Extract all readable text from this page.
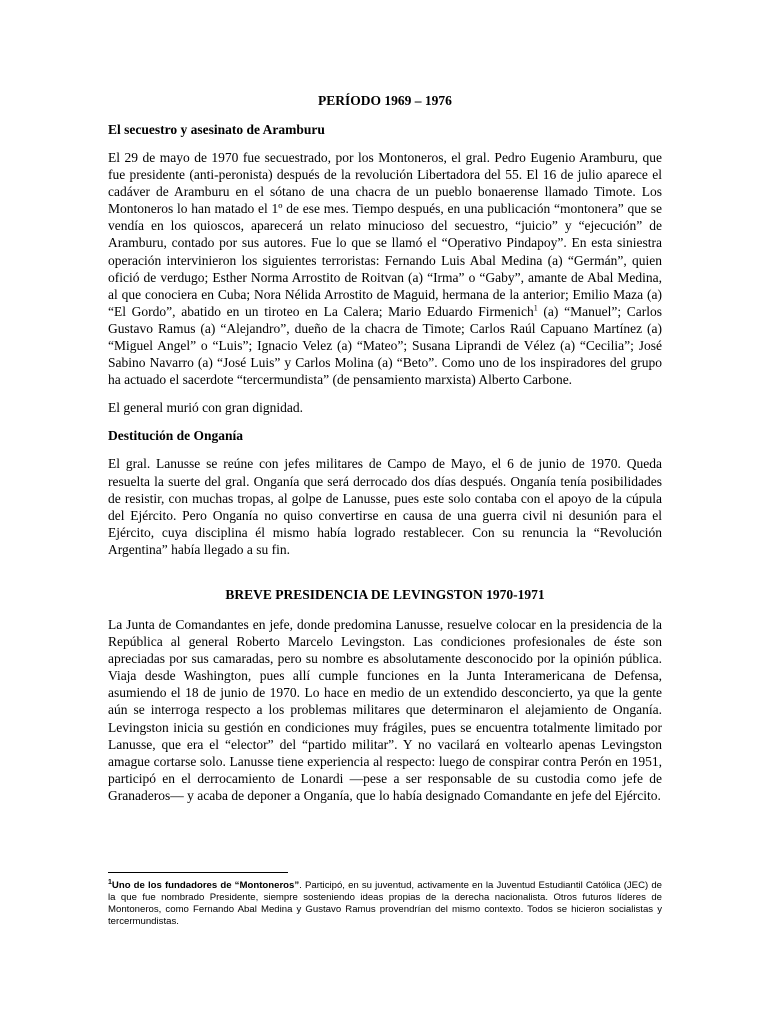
PERÍODO 1969 – 1976
El secuestro y asesinato de Aramburu
El 29 de mayo de 1970 fue secuestrado, por los Montoneros, el gral. Pedro Eugenio Aramburu, que fue presidente (anti-peronista) después de la revolución Libertadora del 55. El 16 de julio aparece el cadáver de Aramburu en el sótano de una chacra de un pueblo bonaerense llamado Timote. Los Montoneros lo han matado el 1º de ese mes. Tiempo después, en una publicación “montonera” que se vendía en los quioscos, aparecerá un relato minucioso del secuestro, “juicio” y “ejecución” de Aramburu, contado por sus autores. Fue lo que se llamó el “Operativo Pindapoy”. En esta siniestra operación intervinieron los siguientes terroristas: Fernando Luis Abal Medina (a) “Germán”, quien ofició de verdugo; Esther Norma Arrostito de Roitvan (a) “Irma” o “Gaby”, amante de Abal Medina, al que conociera en Cuba; Nora Nélida Arrostito de Maguid, hermana de la anterior; Emilio Maza (a) “El Gordo”, abatido en un tiroteo en La Calera; Mario Eduardo Firmenich$^1$ (a) “Manuel”; Carlos Gustavo Ramus (a) “Alejandro”, dueño de la chacra de Timote; Carlos Raúl Capuano Martínez (a) “Miguel Angel” o “Luis”; Ignacio Velez (a) “Mateo”; Susana Liprandi de Vélez (a) “Cecilia”; José Sabino Navarro (a) “José Luis” y Carlos Molina (a) “Beto”. Como uno de los inspiradores del grupo ha actuado el sacerdote “tercermundista” (de pensamiento marxista) Alberto Carbone.
El general murió con gran dignidad.
Destitución de Onganía
El gral. Lanusse se reúne con jefes militares de Campo de Mayo, el 6 de junio de 1970. Queda resuelta la suerte del gral. Onganía que será derrocado dos días después. Onganía tenía posibilidades de resistir, con muchas tropas, al golpe de Lanusse, pues este solo contaba con el apoyo de la cúpula del Ejército. Pero Onganía no quiso convertirse en causa de una guerra civil ni desunión para el Ejército, cuya disciplina él mismo había logrado restablecer. Con su renuncia la “Revolución Argentina” había llegado a su fin.
BREVE PRESIDENCIA DE LEVINGSTON 1970-1971
La Junta de Comandantes en jefe, donde predomina Lanusse, resuelve colocar en la presidencia de la República al general Roberto Marcelo Levingston. Las condiciones profesionales de éste son apreciadas por sus camaradas, pero su nombre es absolutamente desconocido por la opinión pública. Viaja desde Washington, pues allí cumple funciones en la Junta Interamericana de Defensa, asumiendo el 18 de junio de 1970. Lo hace en medio de un extendido desconcierto, ya que la gente aún se interroga respecto a los problemas militares que determinaron el alejamiento de Onganía. Levingston inicia su gestión en condiciones muy frágiles, pues se encuentra totalmente limitado por Lanusse, que era el “elector” del “partido militar”. Y no vacilará en voltearlo apenas Levingston amague cortarse solo. Lanusse tiene experiencia al respecto: luego de conspirar contra Perón en 1951, participó en el derrocamiento de Lonardi —pese a ser responsable de su custodia como jefe de Granaderos— y acaba de deponer a Onganía, que lo había designado Comandante en jefe del Ejército.
$^1$Uno de los fundadores de “Montoneros”. Participó, en su juventud, activamente en la Juventud Estudiantil Católica (JEC) de la que fue nombrado Presidente, siempre sosteniendo ideas propias de la derecha nacionalista. Otros futuros líderes de Montoneros, como Fernando Abal Medina y Gustavo Ramus provendrían del mismo contexto. Todos se hicieron socialistas y tercermundistas.
